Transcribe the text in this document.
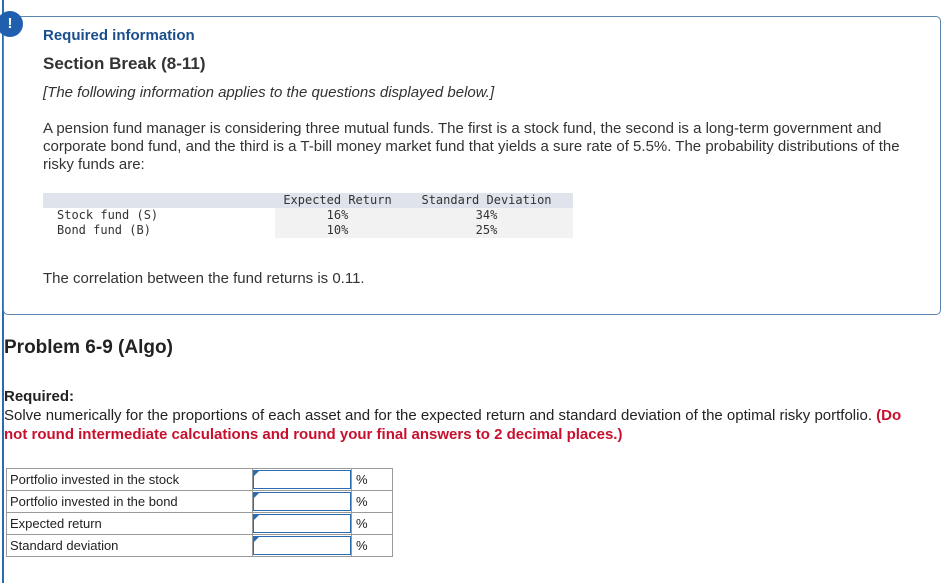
!

Required information

Section Break (8-11)

[The following information applies to the questions displayed below.]

A pension fund manager is considering three mutual funds. The first is a stock fund, the second is a long-term government and corporate bond fund, and the third is a T-bill money market fund that yields a sure rate of 5.5%. The probability distributions of the risky funds are:

	Expected Return	Standard Deviation
Stock fund (S)	16%	34%
Bond fund (B)	10%	25%

The correlation between the fund returns is 0.11.

Problem 6-9 (Algo)

Required:

Solve numerically for the proportions of each asset and for the expected return and standard deviation of the optimal risky portfolio. (Do not round intermediate calculations and round your final answers to 2 decimal places.)

Portfolio invested in the stock		%
Portfolio invested in the bond		%
Expected return		%
Standard deviation		%
